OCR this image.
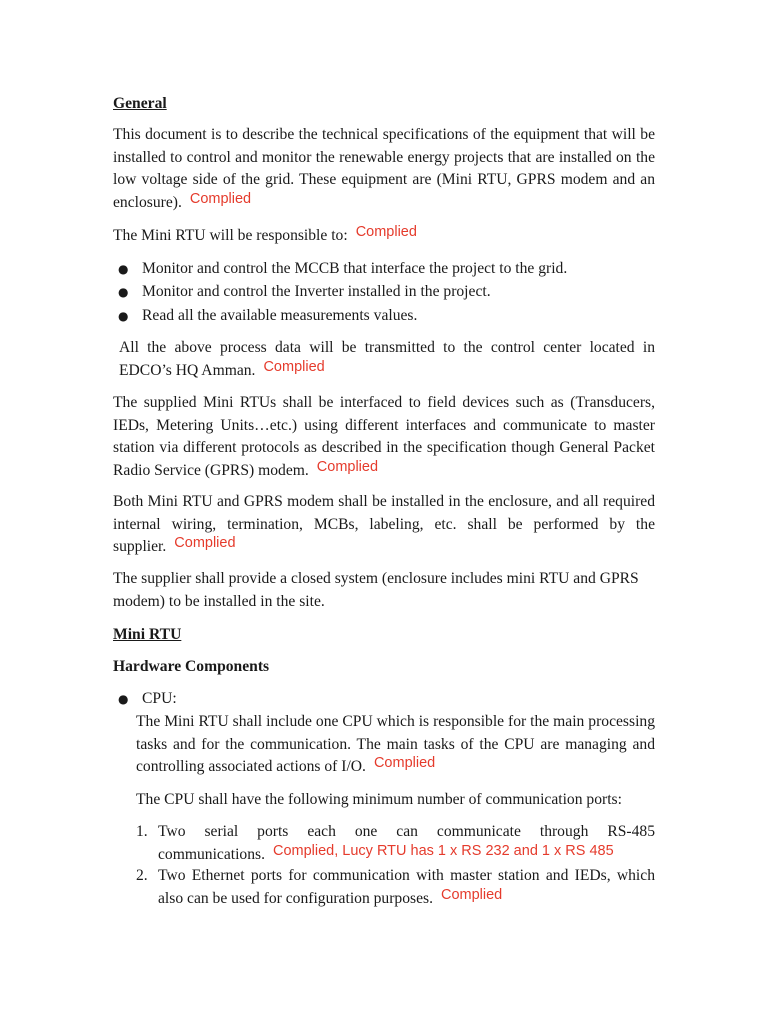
General

This document is to describe the technical specifications of the equipment that will be installed to control and monitor the renewable energy projects that are installed on the low voltage side of the grid. These equipment are (Mini RTU, GPRS modem and an enclosure). Complied

The Mini RTU will be responsible to: Complied

● Monitor and control the MCCB that interface the project to the grid.
● Monitor and control the Inverter installed in the project.
● Read all the available measurements values.

All the above process data will be transmitted to the control center located in EDCO’s HQ Amman. Complied

The supplied Mini RTUs shall be interfaced to field devices such as (Transducers, IEDs, Metering Units…etc.) using different interfaces and communicate to master station via different protocols as described in the specification though General Packet Radio Service (GPRS) modem. Complied

Both Mini RTU and GPRS modem shall be installed in the enclosure, and all required internal wiring, termination, MCBs, labeling, etc. shall be performed by the supplier. Complied

The supplier shall provide a closed system (enclosure includes mini RTU and GPRS modem) to be installed in the site.

Mini RTU
Hardware Components
● CPU:

The Mini RTU shall include one CPU which is responsible for the main processing tasks and for the communication. The main tasks of the CPU are managing and controlling associated actions of I/O. Complied

The CPU shall have the following minimum number of communication ports:

1. Two serial ports each one can communicate through RS-485 communications. Complied, Lucy RTU has 1 x RS 232 and 1 x RS 485
2. Two Ethernet ports for communication with master station and IEDs, which also can be used for configuration purposes. Complied
